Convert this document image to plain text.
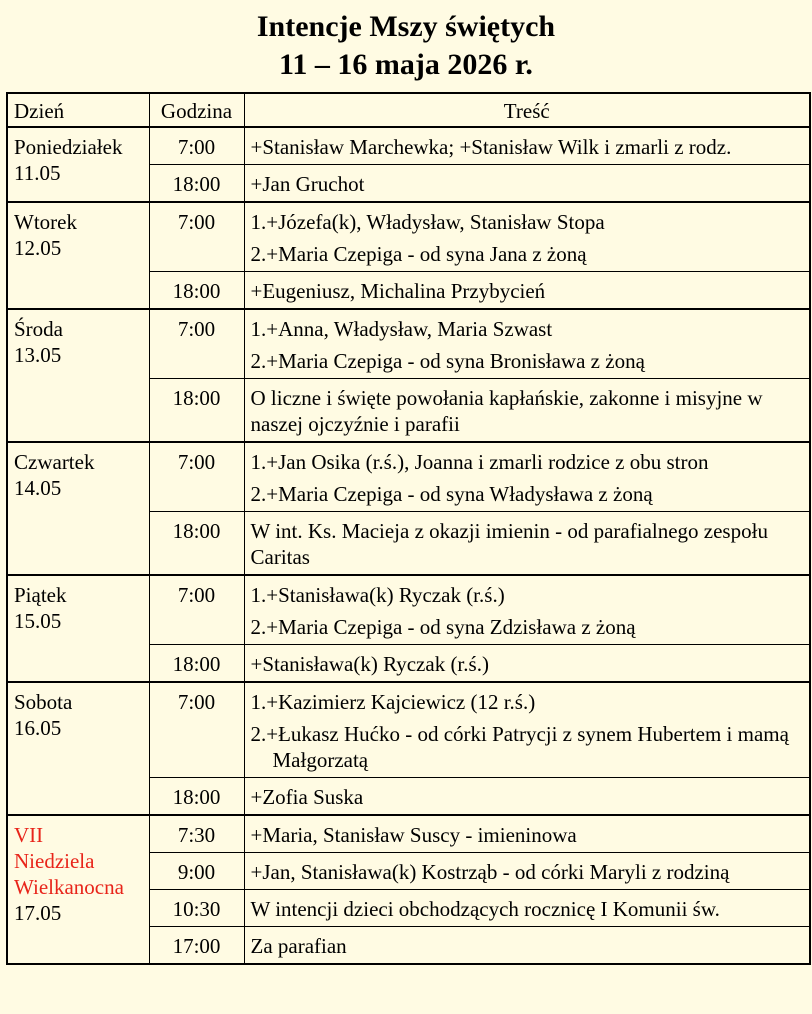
Intencje Mszy świętych
11 – 16 maja 2026 r.
Dzień	Godzina	Treść

Poniedziałek
11.05	7:00	+Stanisław Marchewka; +Stanisław Wilk i zmarli z rodz.

	18:00	+Jan Gruchot

Wtorek
12.05	7:00	1.+Józefa(k), Władysław, Stanisław Stopa
2.+Maria Czepiga - od syna Jana z żoną

	18:00	+Eugeniusz, Michalina Przybycień

Środa
13.05	7:00	1.+Anna, Władysław, Maria Szwast
2.+Maria Czepiga - od syna Bronisława z żoną

	18:00	O liczne i święte powołania kapłańskie, zakonne i misyjne w naszej ojczyźnie i parafii

Czwartek
14.05	7:00	1.+Jan Osika (r.ś.), Joanna i zmarli rodzice z obu stron
2.+Maria Czepiga - od syna Władysława z żoną

	18:00	W int. Ks. Macieja z okazji imienin - od parafialnego zespołu Caritas

Piątek
15.05	7:00	1.+Stanisława(k) Ryczak (r.ś.)
2.+Maria Czepiga - od syna Zdzisława z żoną

	18:00	+Stanisława(k) Ryczak (r.ś.)

Sobota
16.05	7:00	1.+Kazimierz Kajciewicz (12 r.ś.)
2.+Łukasz Hućko - od córki Patrycji z synem Hubertem i mamą Małgorzatą

	18:00	+Zofia Suska

VII
Niedziela
Wielkanocna
17.05	7:30	+Maria, Stanisław Suscy - imieninowa

	9:00	+Jan, Stanisława(k) Kostrząb - od córki Maryli z rodziną

	10:30	W intencji dzieci obchodzących rocznicę I Komunii św.

	17:00	Za parafian
